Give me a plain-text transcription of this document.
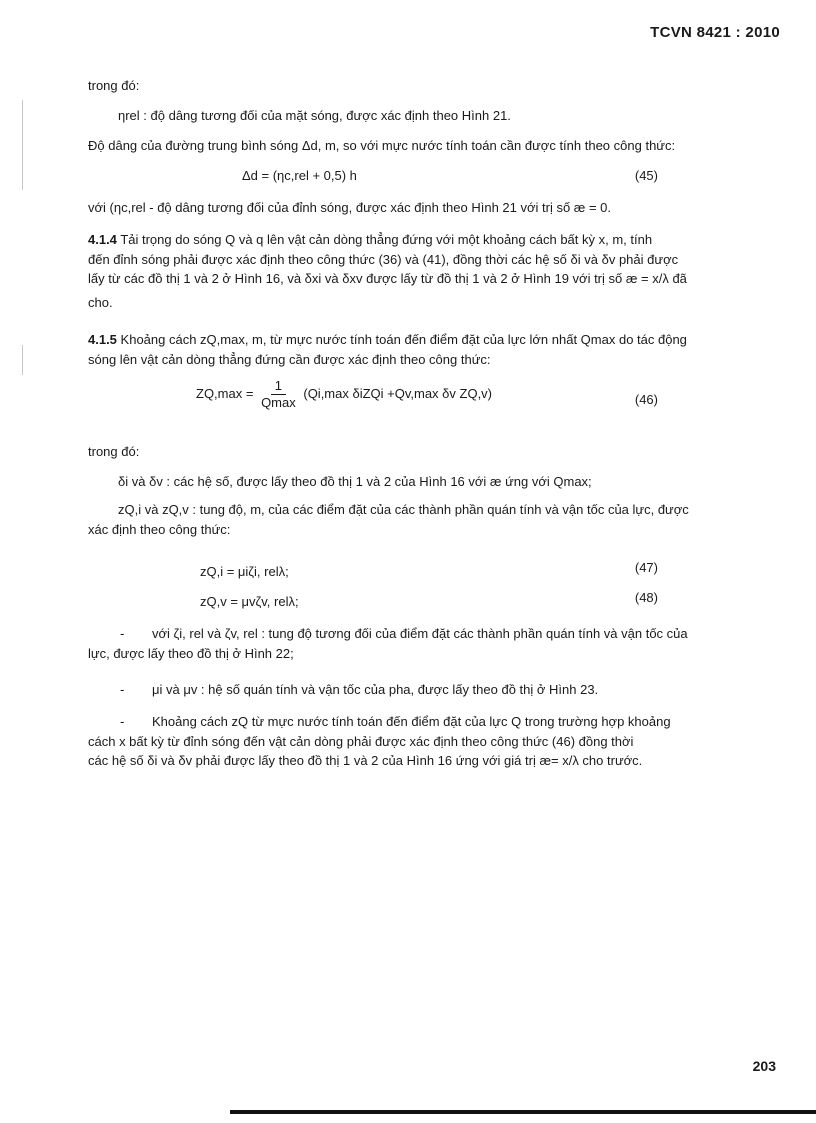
TCVN 8421 : 2010
trong đó:
ηrel : độ dâng tương đối của mặt sóng, được xác định theo Hình 21.
Độ dâng của đường trung bình sóng Δd, m, so với mực nước tính toán cần được tính theo công thức:
Δd = (ηc,rel + 0,5) h	(45)
với (ηc,rel - độ dâng tương đối của đỉnh sóng, được xác định theo Hình 21 với trị số æ = 0.
4.1.4 Tải trọng do sóng Q và q lên vật cản dòng thẳng đứng với một khoảng cách bất kỳ x, m, tính
đến đỉnh sóng phải được xác định theo công thức (36) và (41), đồng thời các hệ số δi và δv phải được
lấy từ các đồ thị 1 và 2 ở Hình 16, và δxi và δxv được lấy từ đồ thị 1 và 2 ở Hình 19 với trị số æ = x/λ đã
cho.
4.1.5 Khoảng cách zQ,max, m, từ mực nước tính toán đến điểm đặt của lực lớn nhất Qmax do tác động
sóng lên vật cản dòng thẳng đứng cần được xác định theo công thức:
$ZQ,\max = \frac{1}{Qmax} (Qi,\max$ δiZQi +Qv,max δv ZQ,v)	(46)
trong đó:
δi và δv : các hệ số, được lấy theo đồ thị 1 và 2 của Hình 16 với æ ứng với Qmax;
zQ,i và zQ,v : tung độ, m, của các điểm đặt của các thành phần quán tính và vận tốc của lực, được
xác định theo công thức:
zQ,i = μiζi, relλ;	(47)
zQ,v = μvζv, relλ;	(48)
-	với ζi, rel và ζv, rel : tung độ tương đối của điểm đặt các thành phần quán tính và vận tốc của
lực, được lấy theo đồ thị ở Hình 22;
- μi và μv : hệ số quán tính và vận tốc của pha, được lấy theo đồ thị ở Hình 23.
-	Khoảng cách zQ từ mực nước tính toán đến điểm đặt của lực Q trong trường hợp khoảng
cách x bất kỳ từ đỉnh sóng đến vật cản dòng phải được xác định theo công thức (46) đồng thời
các hệ số δi và δv phải được lấy theo đồ thị 1 và 2 của Hình 16 ứng với giá trị æ= x/λ cho trước.
203
